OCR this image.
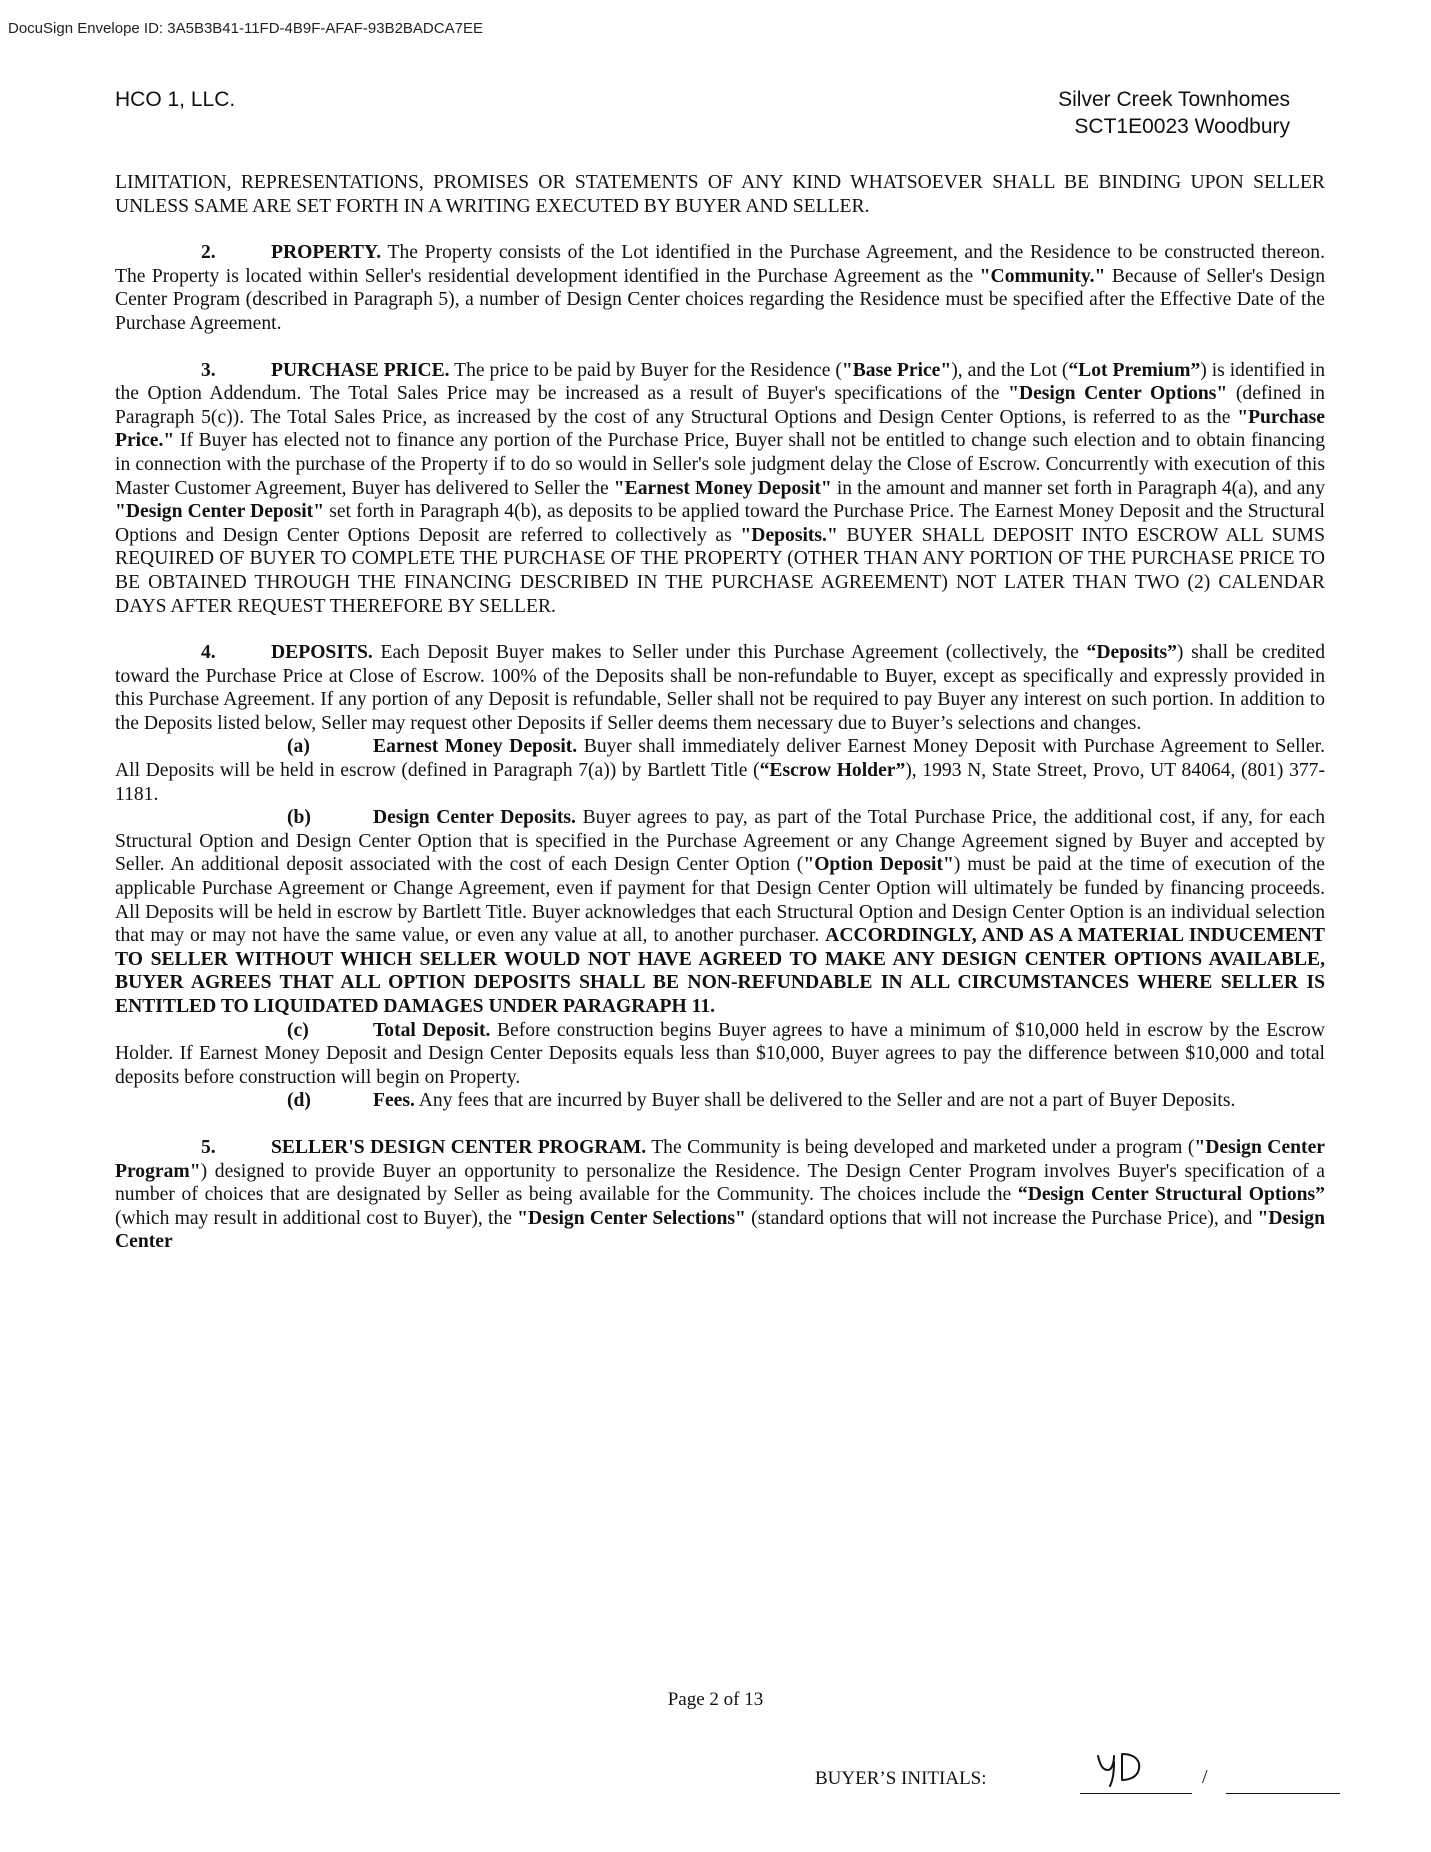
DocuSign Envelope ID: 3A5B3B41-11FD-4B9F-AFAF-93B2BADCA7EE
HCO 1, LLC.	Silver Creek Townhomes
SCT1E0023 Woodbury

LIMITATION, REPRESENTATIONS, PROMISES OR STATEMENTS OF ANY KIND WHATSOEVER SHALL BE BINDING UPON SELLER UNLESS SAME ARE SET FORTH IN A WRITING EXECUTED BY BUYER AND SELLER.

2.	PROPERTY. The Property consists of the Lot identified in the Purchase Agreement, and the Residence to be constructed thereon. The Property is located within Seller's residential development identified in the Purchase Agreement as the "Community." Because of Seller's Design Center Program (described in Paragraph 5), a number of Design Center choices regarding the Residence must be specified after the Effective Date of the Purchase Agreement.

3.	PURCHASE PRICE. The price to be paid by Buyer for the Residence ("Base Price"), and the Lot (“Lot Premium”) is identified in the Option Addendum. The Total Sales Price may be increased as a result of Buyer's specifications of the "Design Center Options" (defined in Paragraph 5(c)). The Total Sales Price, as increased by the cost of any Structural Options and Design Center Options, is referred to as the "Purchase Price." If Buyer has elected not to finance any portion of the Purchase Price, Buyer shall not be entitled to change such election and to obtain financing in connection with the purchase of the Property if to do so would in Seller's sole judgment delay the Close of Escrow. Concurrently with execution of this Master Customer Agreement, Buyer has delivered to Seller the "Earnest Money Deposit" in the amount and manner set forth in Paragraph 4(a), and any "Design Center Deposit" set forth in Paragraph 4(b), as deposits to be applied toward the Purchase Price. The Earnest Money Deposit and the Structural Options and Design Center Options Deposit are referred to collectively as "Deposits." BUYER SHALL DEPOSIT INTO ESCROW ALL SUMS REQUIRED OF BUYER TO COMPLETE THE PURCHASE OF THE PROPERTY (OTHER THAN ANY PORTION OF THE PURCHASE PRICE TO BE OBTAINED THROUGH THE FINANCING DESCRIBED IN THE PURCHASE AGREEMENT) NOT LATER THAN TWO (2) CALENDAR DAYS AFTER REQUEST THEREFORE BY SELLER.

4.	DEPOSITS. Each Deposit Buyer makes to Seller under this Purchase Agreement (collectively, the “Deposits”) shall be credited toward the Purchase Price at Close of Escrow. 100% of the Deposits shall be non-refundable to Buyer, except as specifically and expressly provided in this Purchase Agreement. If any portion of any Deposit is refundable, Seller shall not be required to pay Buyer any interest on such portion. In addition to the Deposits listed below, Seller may request other Deposits if Seller deems them necessary due to Buyer’s selections and changes.

(a)	Earnest Money Deposit. Buyer shall immediately deliver Earnest Money Deposit with Purchase Agreement to Seller. All Deposits will be held in escrow (defined in Paragraph 7(a)) by Bartlett Title (“Escrow Holder”), 1993 N, State Street, Provo, UT 84064, (801) 377-1181.

(b)	Design Center Deposits. Buyer agrees to pay, as part of the Total Purchase Price, the additional cost, if any, for each Structural Option and Design Center Option that is specified in the Purchase Agreement or any Change Agreement signed by Buyer and accepted by Seller. An additional deposit associated with the cost of each Design Center Option ("Option Deposit") must be paid at the time of execution of the applicable Purchase Agreement or Change Agreement, even if payment for that Design Center Option will ultimately be funded by financing proceeds. All Deposits will be held in escrow by Bartlett Title. Buyer acknowledges that each Structural Option and Design Center Option is an individual selection that may or may not have the same value, or even any value at all, to another purchaser. ACCORDINGLY, AND AS A MATERIAL INDUCEMENT TO SELLER WITHOUT WHICH SELLER WOULD NOT HAVE AGREED TO MAKE ANY DESIGN CENTER OPTIONS AVAILABLE, BUYER AGREES THAT ALL OPTION DEPOSITS SHALL BE NON-REFUNDABLE IN ALL CIRCUMSTANCES WHERE SELLER IS ENTITLED TO LIQUIDATED DAMAGES UNDER PARAGRAPH 11.

(c)	Total Deposit. Before construction begins Buyer agrees to have a minimum of $10,000 held in escrow by the Escrow Holder. If Earnest Money Deposit and Design Center Deposits equals less than $10,000, Buyer agrees to pay the difference between $10,000 and total deposits before construction will begin on Property.

(d)	Fees. Any fees that are incurred by Buyer shall be delivered to the Seller and are not a part of Buyer Deposits.

5.	SELLER'S DESIGN CENTER PROGRAM. The Community is being developed and marketed under a program ("Design Center Program") designed to provide Buyer an opportunity to personalize the Residence. The Design Center Program involves Buyer's specification of a number of choices that are designated by Seller as being available for the Community. The choices include the “Design Center Structural Options” (which may result in additional cost to Buyer), the "Design Center Selections" (standard options that will not increase the Purchase Price), and "Design Center

Page 2 of 13
BUYER’S INITIALS:	/
